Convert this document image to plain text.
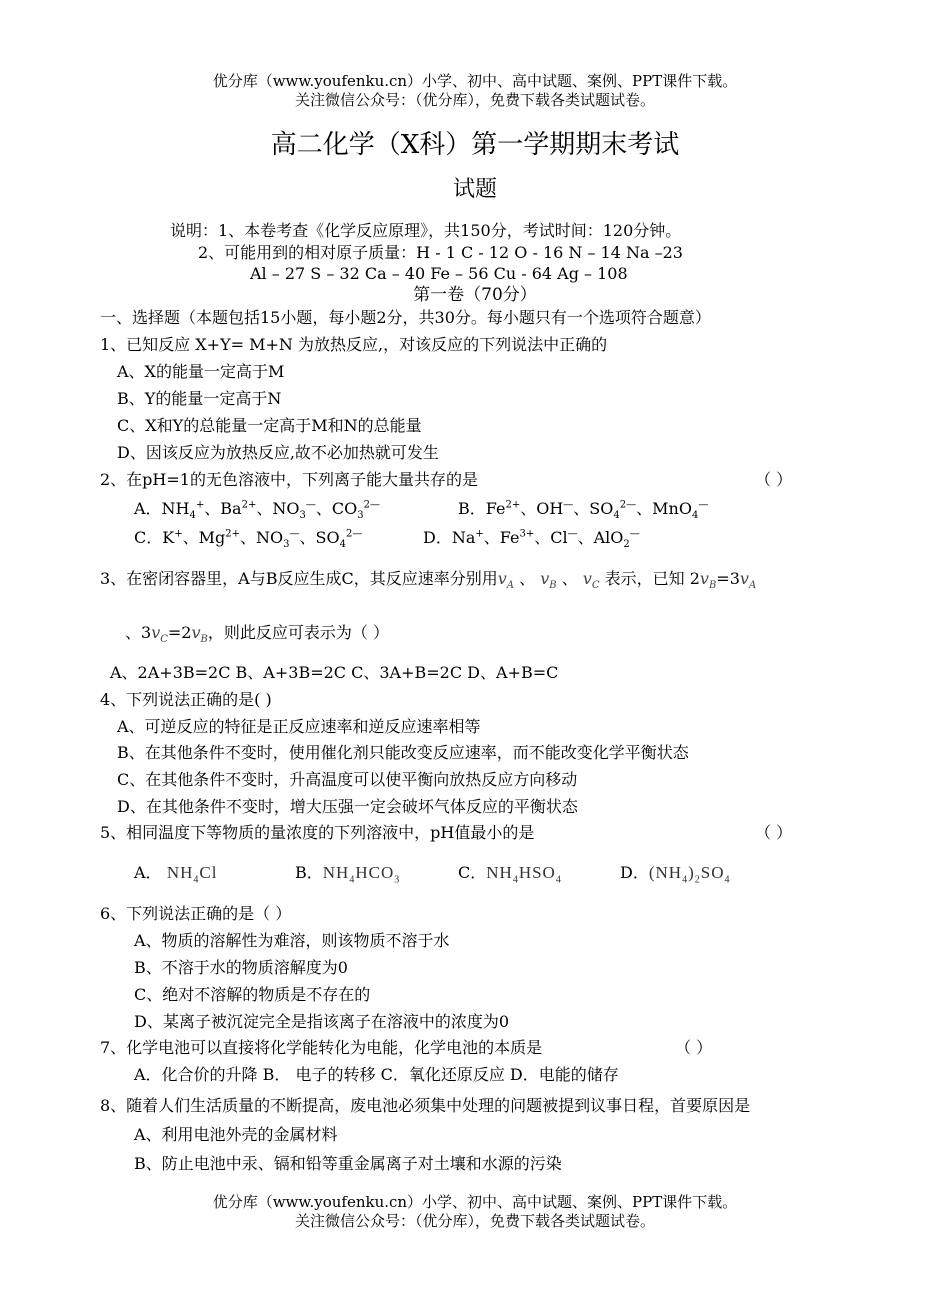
优分库（www.youfenku.cn）小学、初中、高中试题、案例、PPT课件下载。
关注微信公众号：（优分库），免费下载各类试题试卷。
高二化学（X科）第一学期期末考试
试题
说明：1、本卷考查《化学反应原理》，共150分，考试时间：120分钟。
2、可能用到的相对原子质量：H - 1 C - 12 O - 16 N – 14 Na –23
Al – 27 S – 32 Ca – 40 Fe – 56 Cu - 64 Ag – 108
第一卷（70分）
一、选择题（本题包括15小题，每小题2分，共30分。每小题只有一个选项符合题意）
1、已知反应 X+Y= M+N 为放热反应,，对该反应的下列说法中正确的
A、X的能量一定高于M
B、Y的能量一定高于N
C、X和Y的总能量一定高于M和N的总能量
D、因该反应为放热反应,故不必加热就可发生
2、在pH=1的无色溶液中，下列离子能大量共存的是	（ ）
A．$NH_4^+$、$Ba^{2+}$、$NO_3^—$、$CO_3^{2—}$	B．$Fe^{2+}$、OH—、$SO_4^{2—}$、MnO$_4$—
C．K+、$Mg^{2+}$、$NO_3^—$、$SO_4^{2—}$	D．Na+、$Fe^{3+}$、Cl—、AlO$_2$—
3、在密闭容器里，A与B反应生成C，其反应速率分别用$v_A$ 、 $v_B$ 、 $v_C$ 表示，已知 $2v_B=3v_A$
、$3v_C=2v_B$，则此反应可表示为（ ）
A、2A+3B=2C B、A+3B=2C C、3A+B=2C D、A+B=C
4、下列说法正确的是( )
A、可逆反应的特征是正反应速率和逆反应速率相等
B、在其他条件不变时，使用催化剂只能改变反应速率，而不能改变化学平衡状态
C、在其他条件不变时，升高温度可以使平衡向放热反应方向移动
D、在其他条件不变时，增大压强一定会破坏气体反应的平衡状态
5、相同温度下等物质的量浓度的下列溶液中，pH值最小的是	（ ）
A． $NH_4Cl$	B．$NH_4HCO_3$	C．$NH_4HSO_4$	D．$(NH_4)_2SO_4$
6、下列说法正确的是（ ）
A、物质的溶解性为难溶，则该物质不溶于水
B、不溶于水的物质溶解度为0
C、绝对不溶解的物质是不存在的
D、某离子被沉淀完全是指该离子在溶液中的浓度为0
7、化学电池可以直接将化学能转化为电能，化学电池的本质是	（ ）
A．化合价的升降 B． 电子的转移 C．氧化还原反应 D．电能的储存
8、随着人们生活质量的不断提高，废电池必须集中处理的问题被提到议事日程，首要原因是
A、利用电池外壳的金属材料
B、防止电池中汞、镉和铅等重金属离子对土壤和水源的污染
优分库（www.youfenku.cn）小学、初中、高中试题、案例、PPT课件下载。
关注微信公众号：（优分库），免费下载各类试题试卷。
